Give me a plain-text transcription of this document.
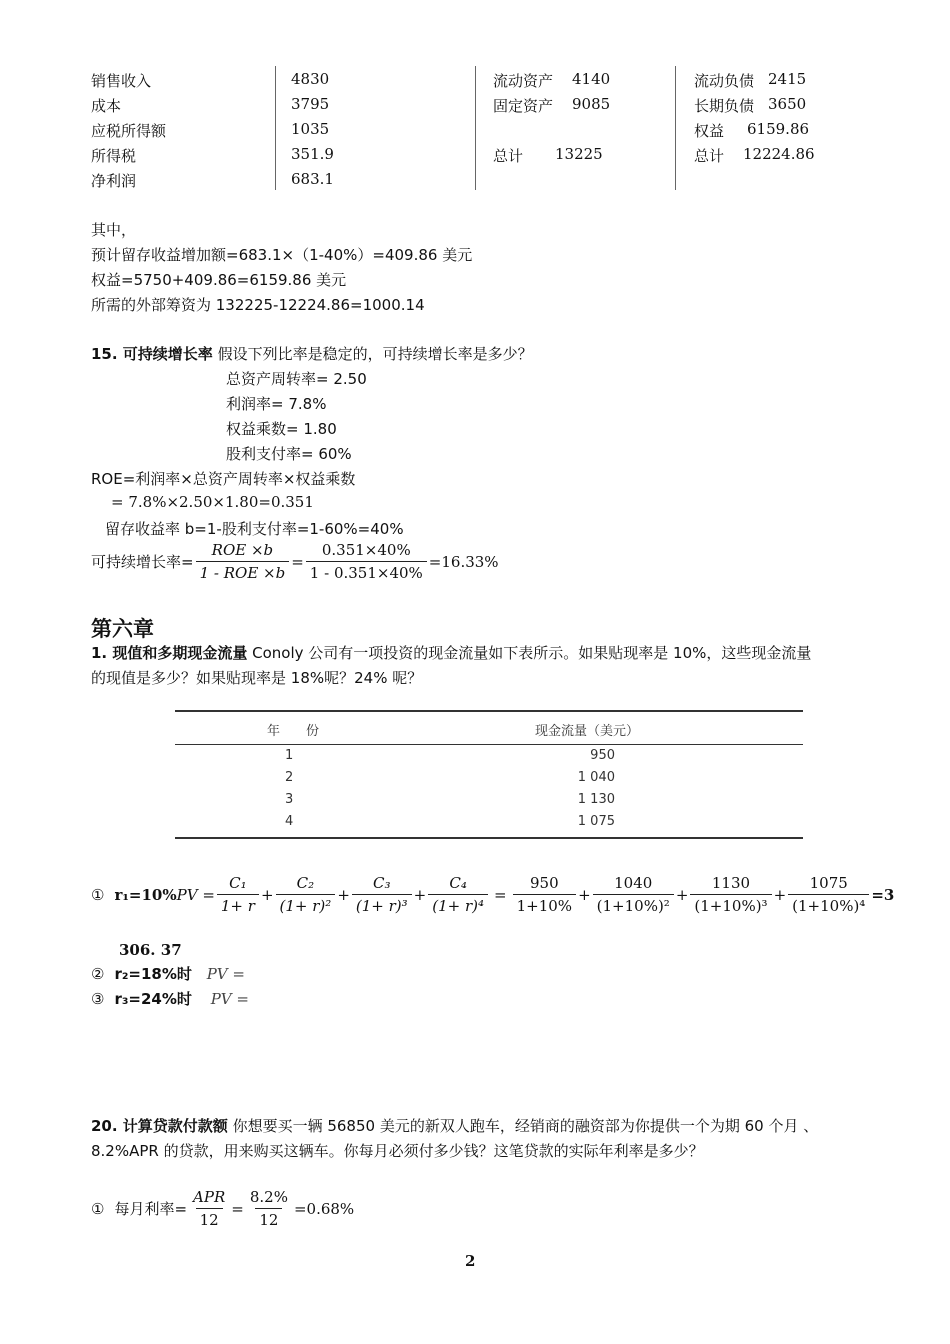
销售收入	4830
成本	3795
应税所得额	1035
所得税	351.9
净利润	683.1
流动资产 4140
固定资产 9085
总计 13225
流动负债 2415
长期负债 3650
权益 6159.86
总计 12224.86
其中，
预计留存收益增加额=683.1×（1-40%）=409.86 美元
权益=5750+409.86=6159.86 美元
所需的外部筹资为 132225-12224.86=1000.14
15. 可持续增长率 假设下列比率是稳定的，可持续增长率是多少？
总资产周转率= 2.50
利润率= 7.8%
权益乘数= 1.80
股利支付率= 60%
ROE=利润率×总资产周转率×权益乘数
= 7.8%×2.50×1.80=0.351
留存收益率 b=1-股利支付率=1-60%=40%
可持续增长率= $\frac{\text{ROE ×b}}{\text{1 - ROE ×b}} = \frac{0.351\times 40\%}{1 - 0.351\times 40\%} =16.33\%$
第六章
1. 现值和多期现金流量 Conoly 公司有一项投资的现金流量如下表所示。如果贴现率是 10%，这些现金流量
的现值是多少？如果贴现率是 18%呢？24% 呢？
年　　份	现金流量（美元）
1	950
2	1 040
3	1 130
4	1 075
① r₁=10% PV = $\frac{\text{C₁}}{1+ r} + \frac{\text{C₂}}{\text{(1+ r)²}} + \frac{\text{C₃}}{\text{(1+ r)³}} + \frac{\text{C₄}}{\text{(1+ r)⁴}} = \frac{950}{1+10\%} + \frac{1040}{\text{(1+10\%)²}} + \frac{1130}{\text{(1+10\%)³}} + \frac{1075}{\text{(1+10\%)⁴}} =3$
306. 37
② r₂=18%时 PV =
③ r₃=24%时 PV =
20. 计算贷款付款额 你想要买一辆 56850 美元的新双人跑车，经销商的融资部为你提供一个为期 60 个月 、
8.2%APR 的贷款，用来购买这辆车。你每月必须付多少钱？这笔贷款的实际年利率是多少？
① 每月利率= $\frac{\text{APR}}{12} = \frac{8.2\%}{12} =0.68\%$
2
